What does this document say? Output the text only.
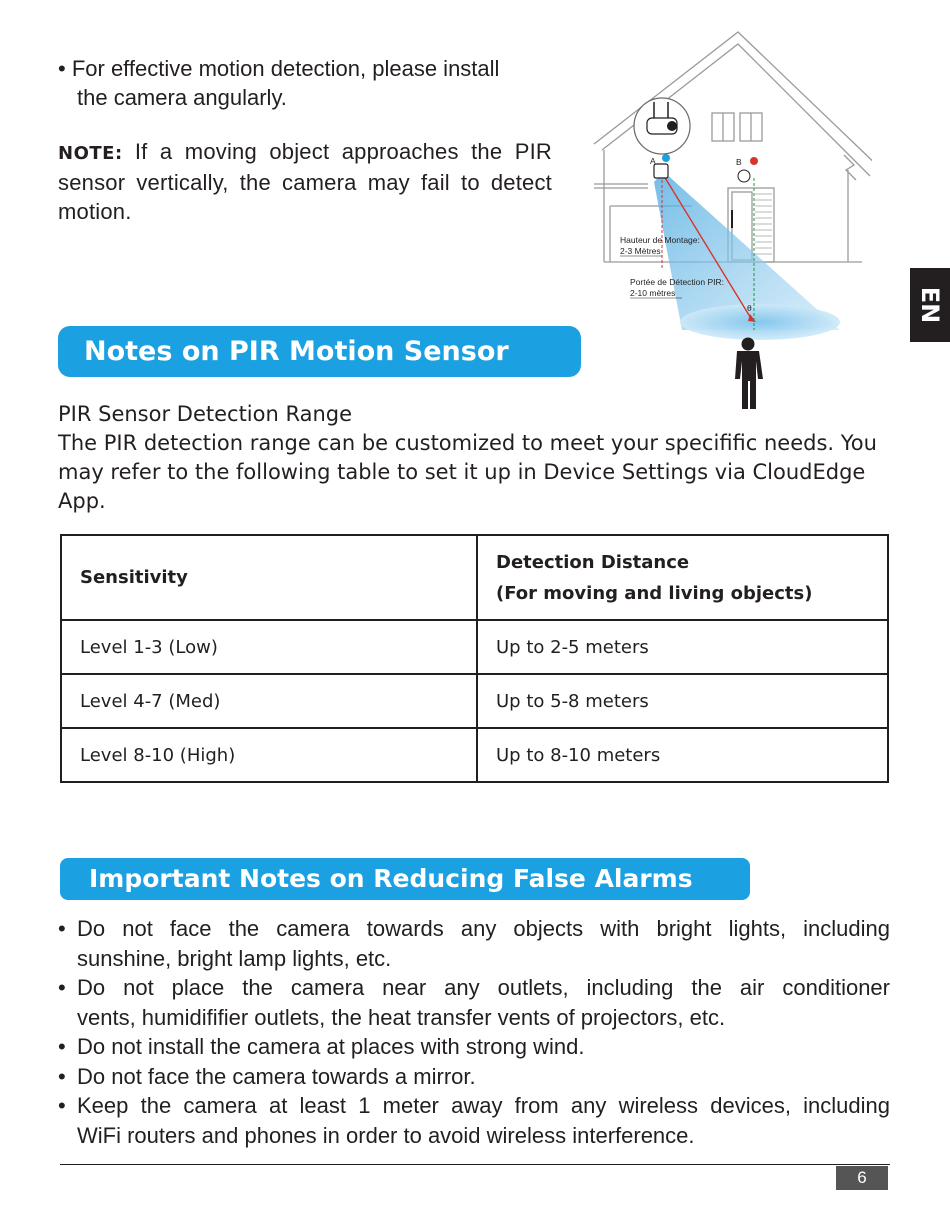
• For effective motion detection, please install
the camera angularly.
NOTE: If a moving object approaches the PIR sensor vertically, the camera may fail to detect motion.
A	B
Hauteur de Montage:
2-3 Mètres
Portée de Détection PIR:
2-10 mètres
θ	EN
Notes on PIR Motion Sensor
PIR Sensor Detection Range
The PIR detection range can be customized to meet your specifific needs. You may refer to the following table to set it up in Device Settings via CloudEdge App.
Sensitivity	Detection Distance
(For moving and living objects)

Level 1-3 (Low)	Up to 2-5 meters
Level 4-7 (Med)	Up to 5-8 meters
Level 8-10 (High)	Up to 8-10 meters
Important Notes on Reducing False Alarms
• Do not face the camera towards any objects with bright lights, including
sunshine, bright lamp lights, etc.
• Do not place the camera near any outlets, including the air conditioner
vents, humidififier outlets, the heat transfer vents of projectors, etc.
• Do not install the camera at places with strong wind.
• Do not face the camera towards a mirror.
• Keep the camera at least 1 meter away from any wireless devices, including
WiFi routers and phones in order to avoid wireless interference.
6
